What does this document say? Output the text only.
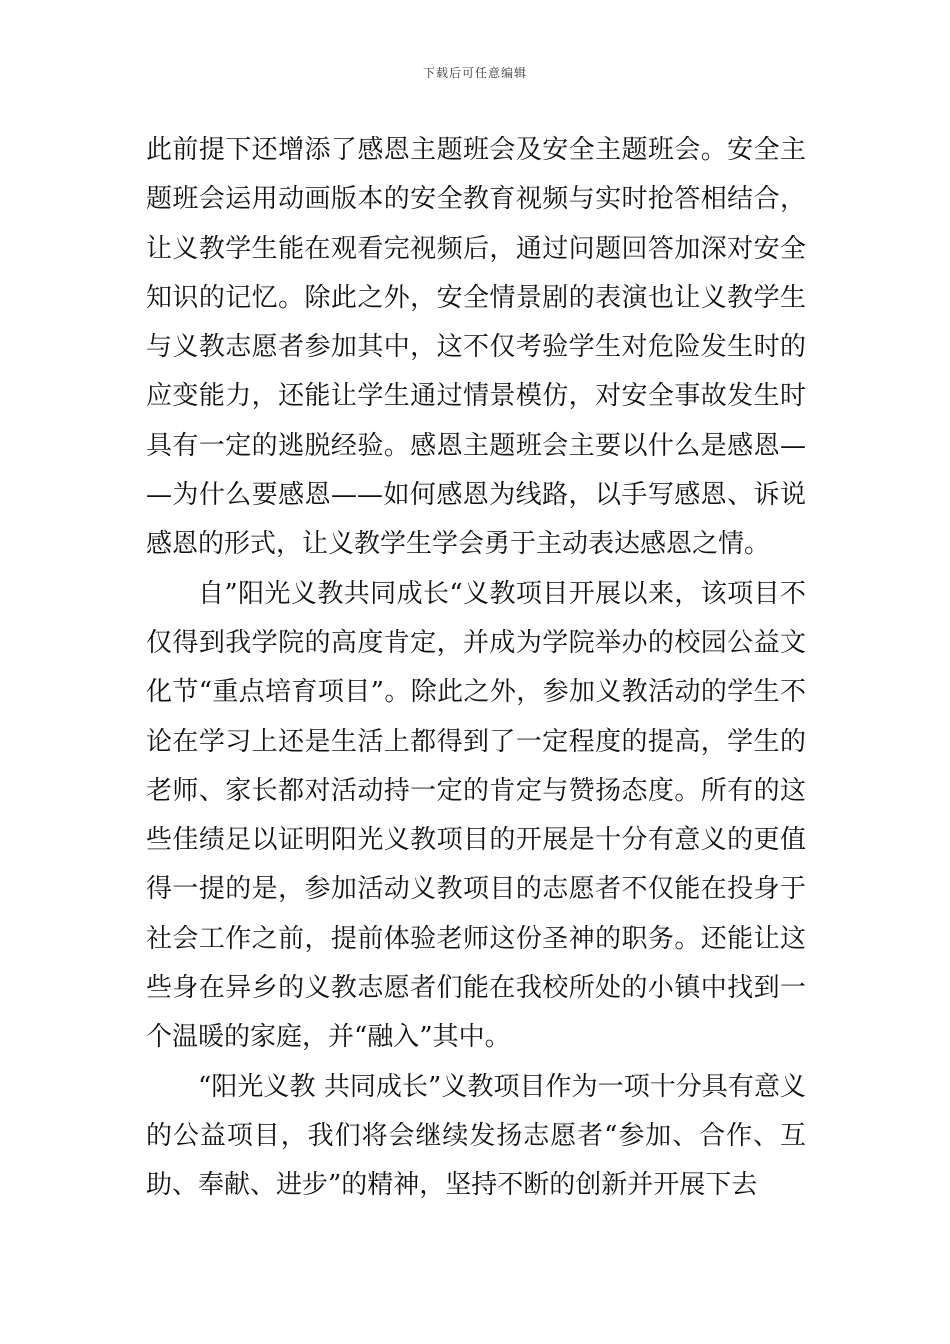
下载后可任意编辑

此前提下还增添了感恩主题班会及安全主题班会。安全主题班会运用动画版本的安全教育视频与实时抢答相结合，让义教学生能在观看完视频后，通过问题回答加深对安全知识的记忆。除此之外，安全情景剧的表演也让义教学生与义教志愿者参加其中，这不仅考验学生对危险发生时的应变能力，还能让学生通过情景模仿，对安全事故发生时具有一定的逃脱经验。感恩主题班会主要以什么是感恩——为什么要感恩——如何感恩为线路，以手写感恩、诉说感恩的形式，让义教学生学会勇于主动表达感恩之情。

自”阳光义教共同成长“义教项目开展以来，该项目不仅得到我学院的高度肯定，并成为学院举办的校园公益文化节“重点培育项目”。除此之外，参加义教活动的学生不论在学习上还是生活上都得到了一定程度的提高，学生的老师、家长都对活动持一定的肯定与赞扬态度。所有的这些佳绩足以证明阳光义教项目的开展是十分有意义的更值得一提的是，参加活动义教项目的志愿者不仅能在投身于社会工作之前，提前体验老师这份圣神的职务。还能让这些身在异乡的义教志愿者们能在我校所处的小镇中找到一个温暖的家庭，并“融入”其中。

“阳光义教 共同成长”义教项目作为一项十分具有意义的公益项目，我们将会继续发扬志愿者“参加、合作、互助、奉献、进步”的精神，坚持不断的创新并开展下去
